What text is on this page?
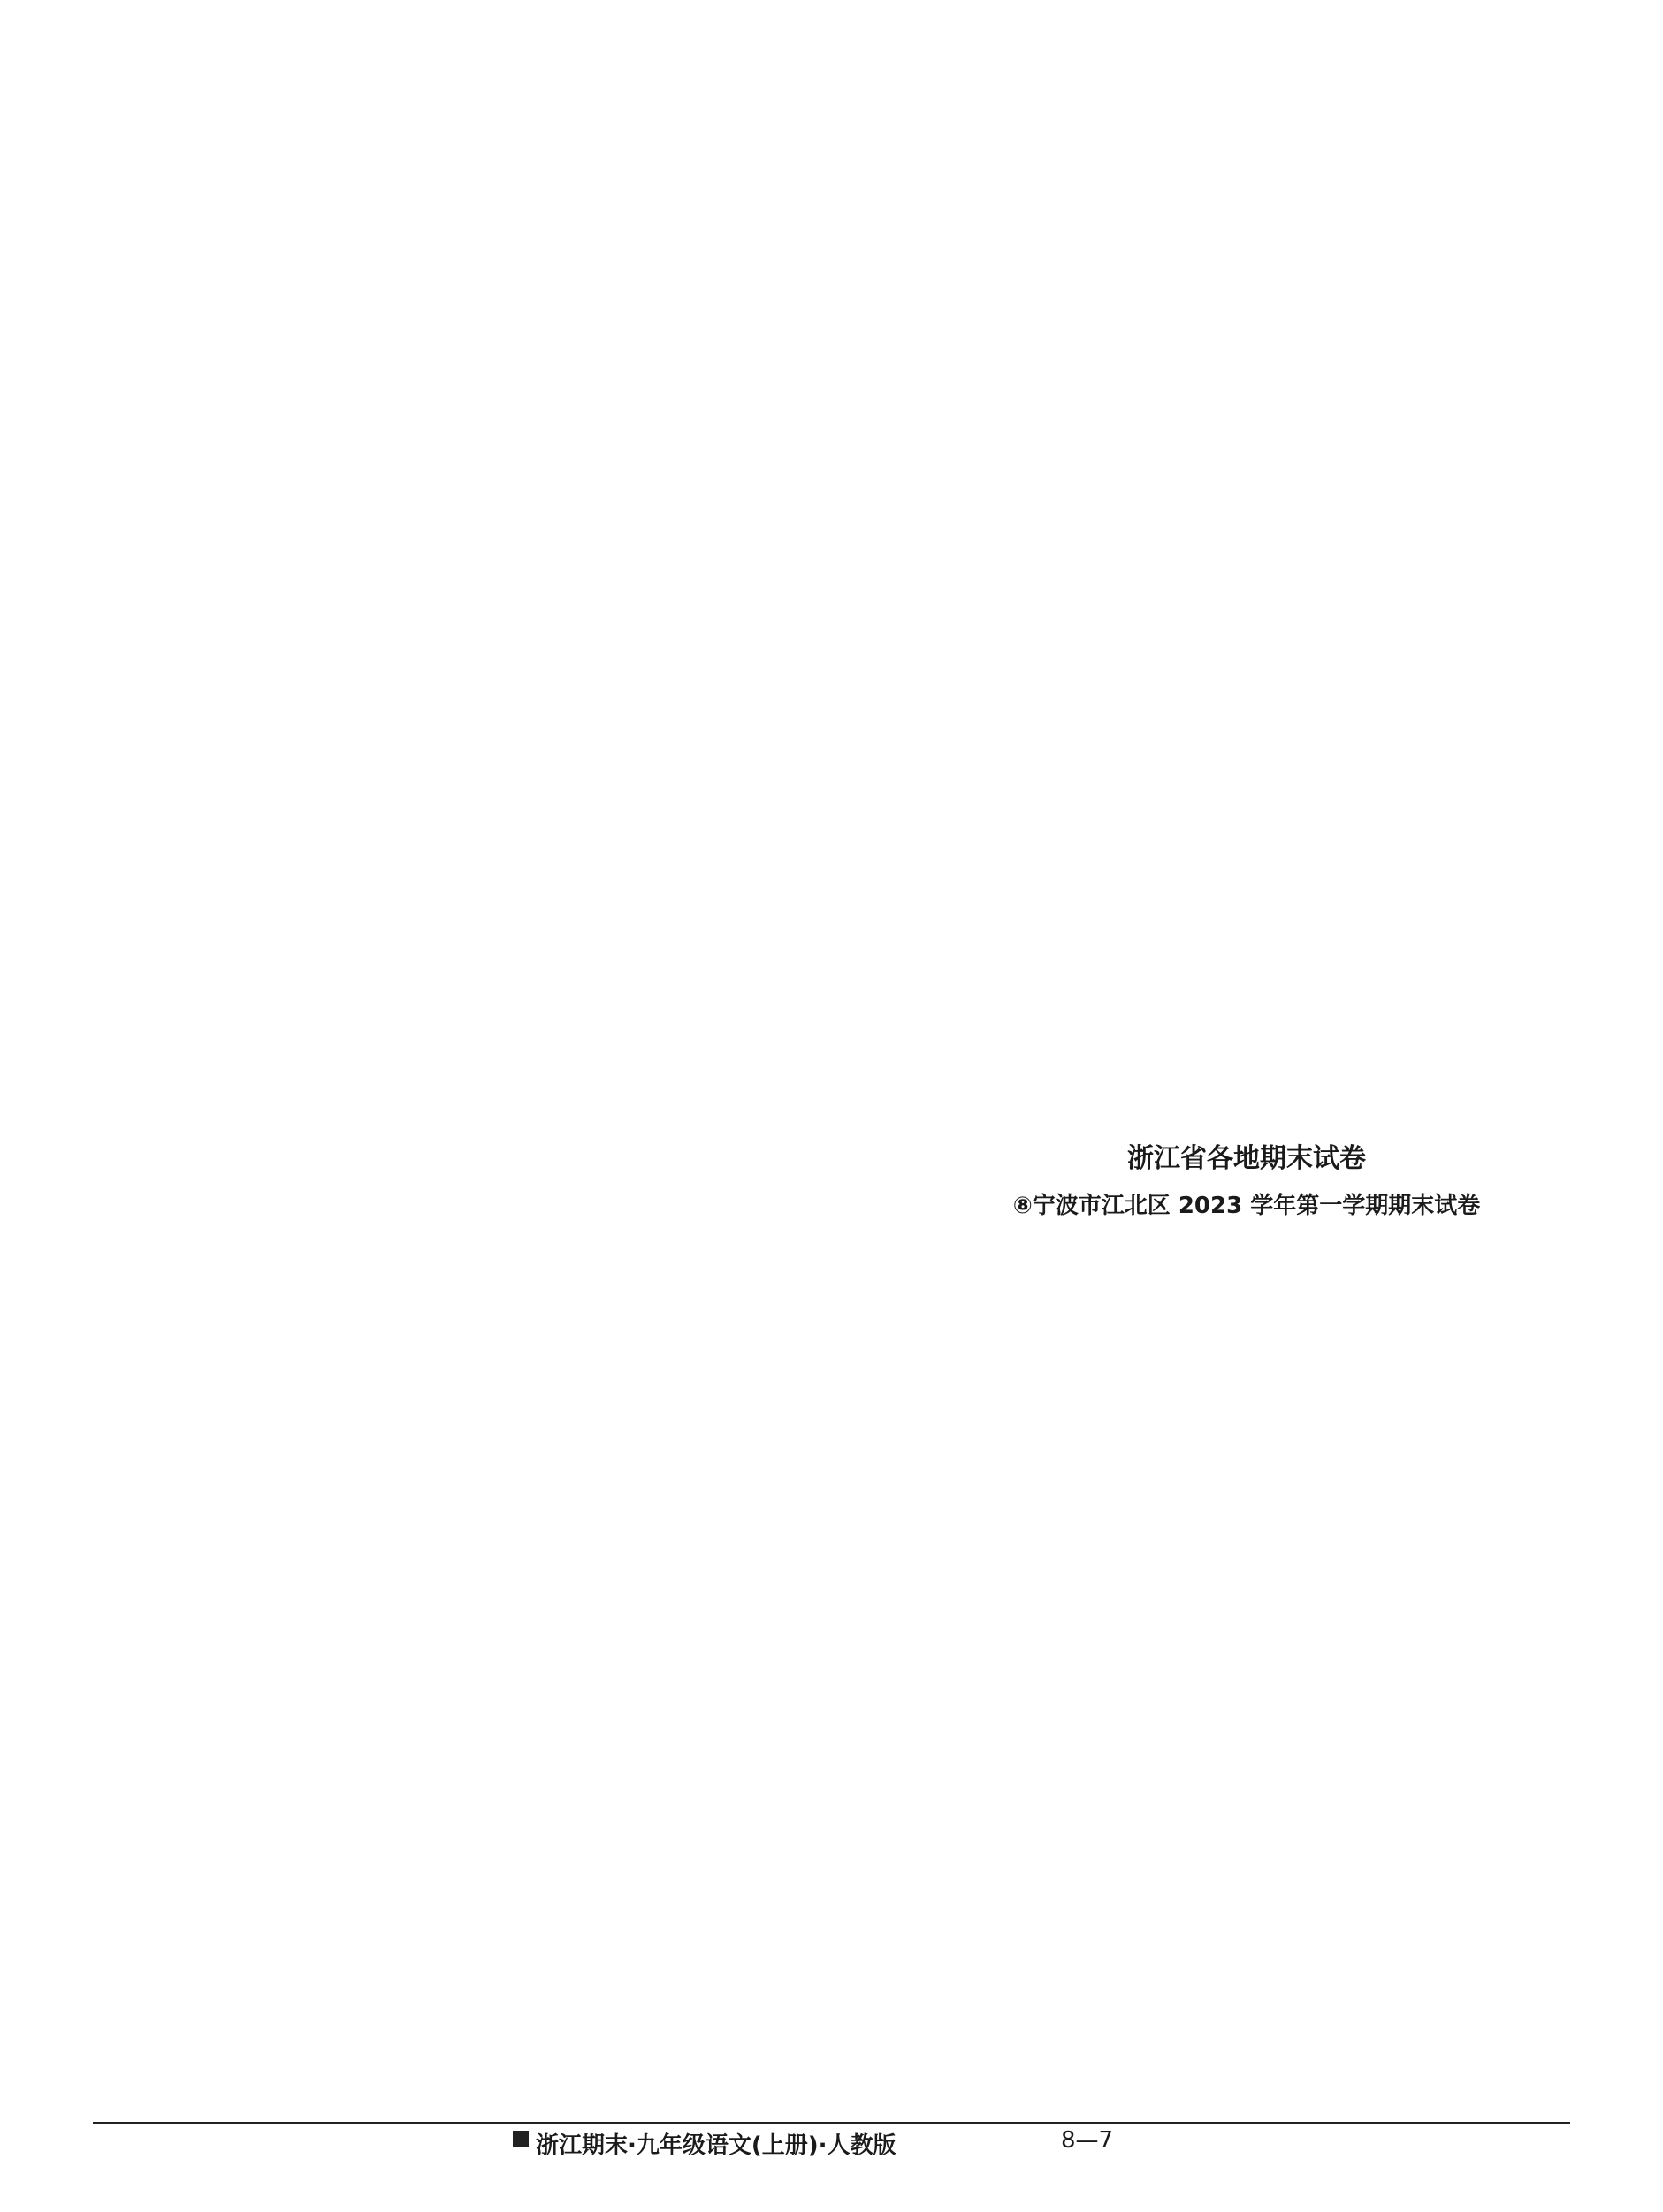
浙江省各地期末试卷
⑧宁波市江北区 2023 学年第一学期期末试卷
浙江期末·九年级语文(上册)·人教版	8—7
